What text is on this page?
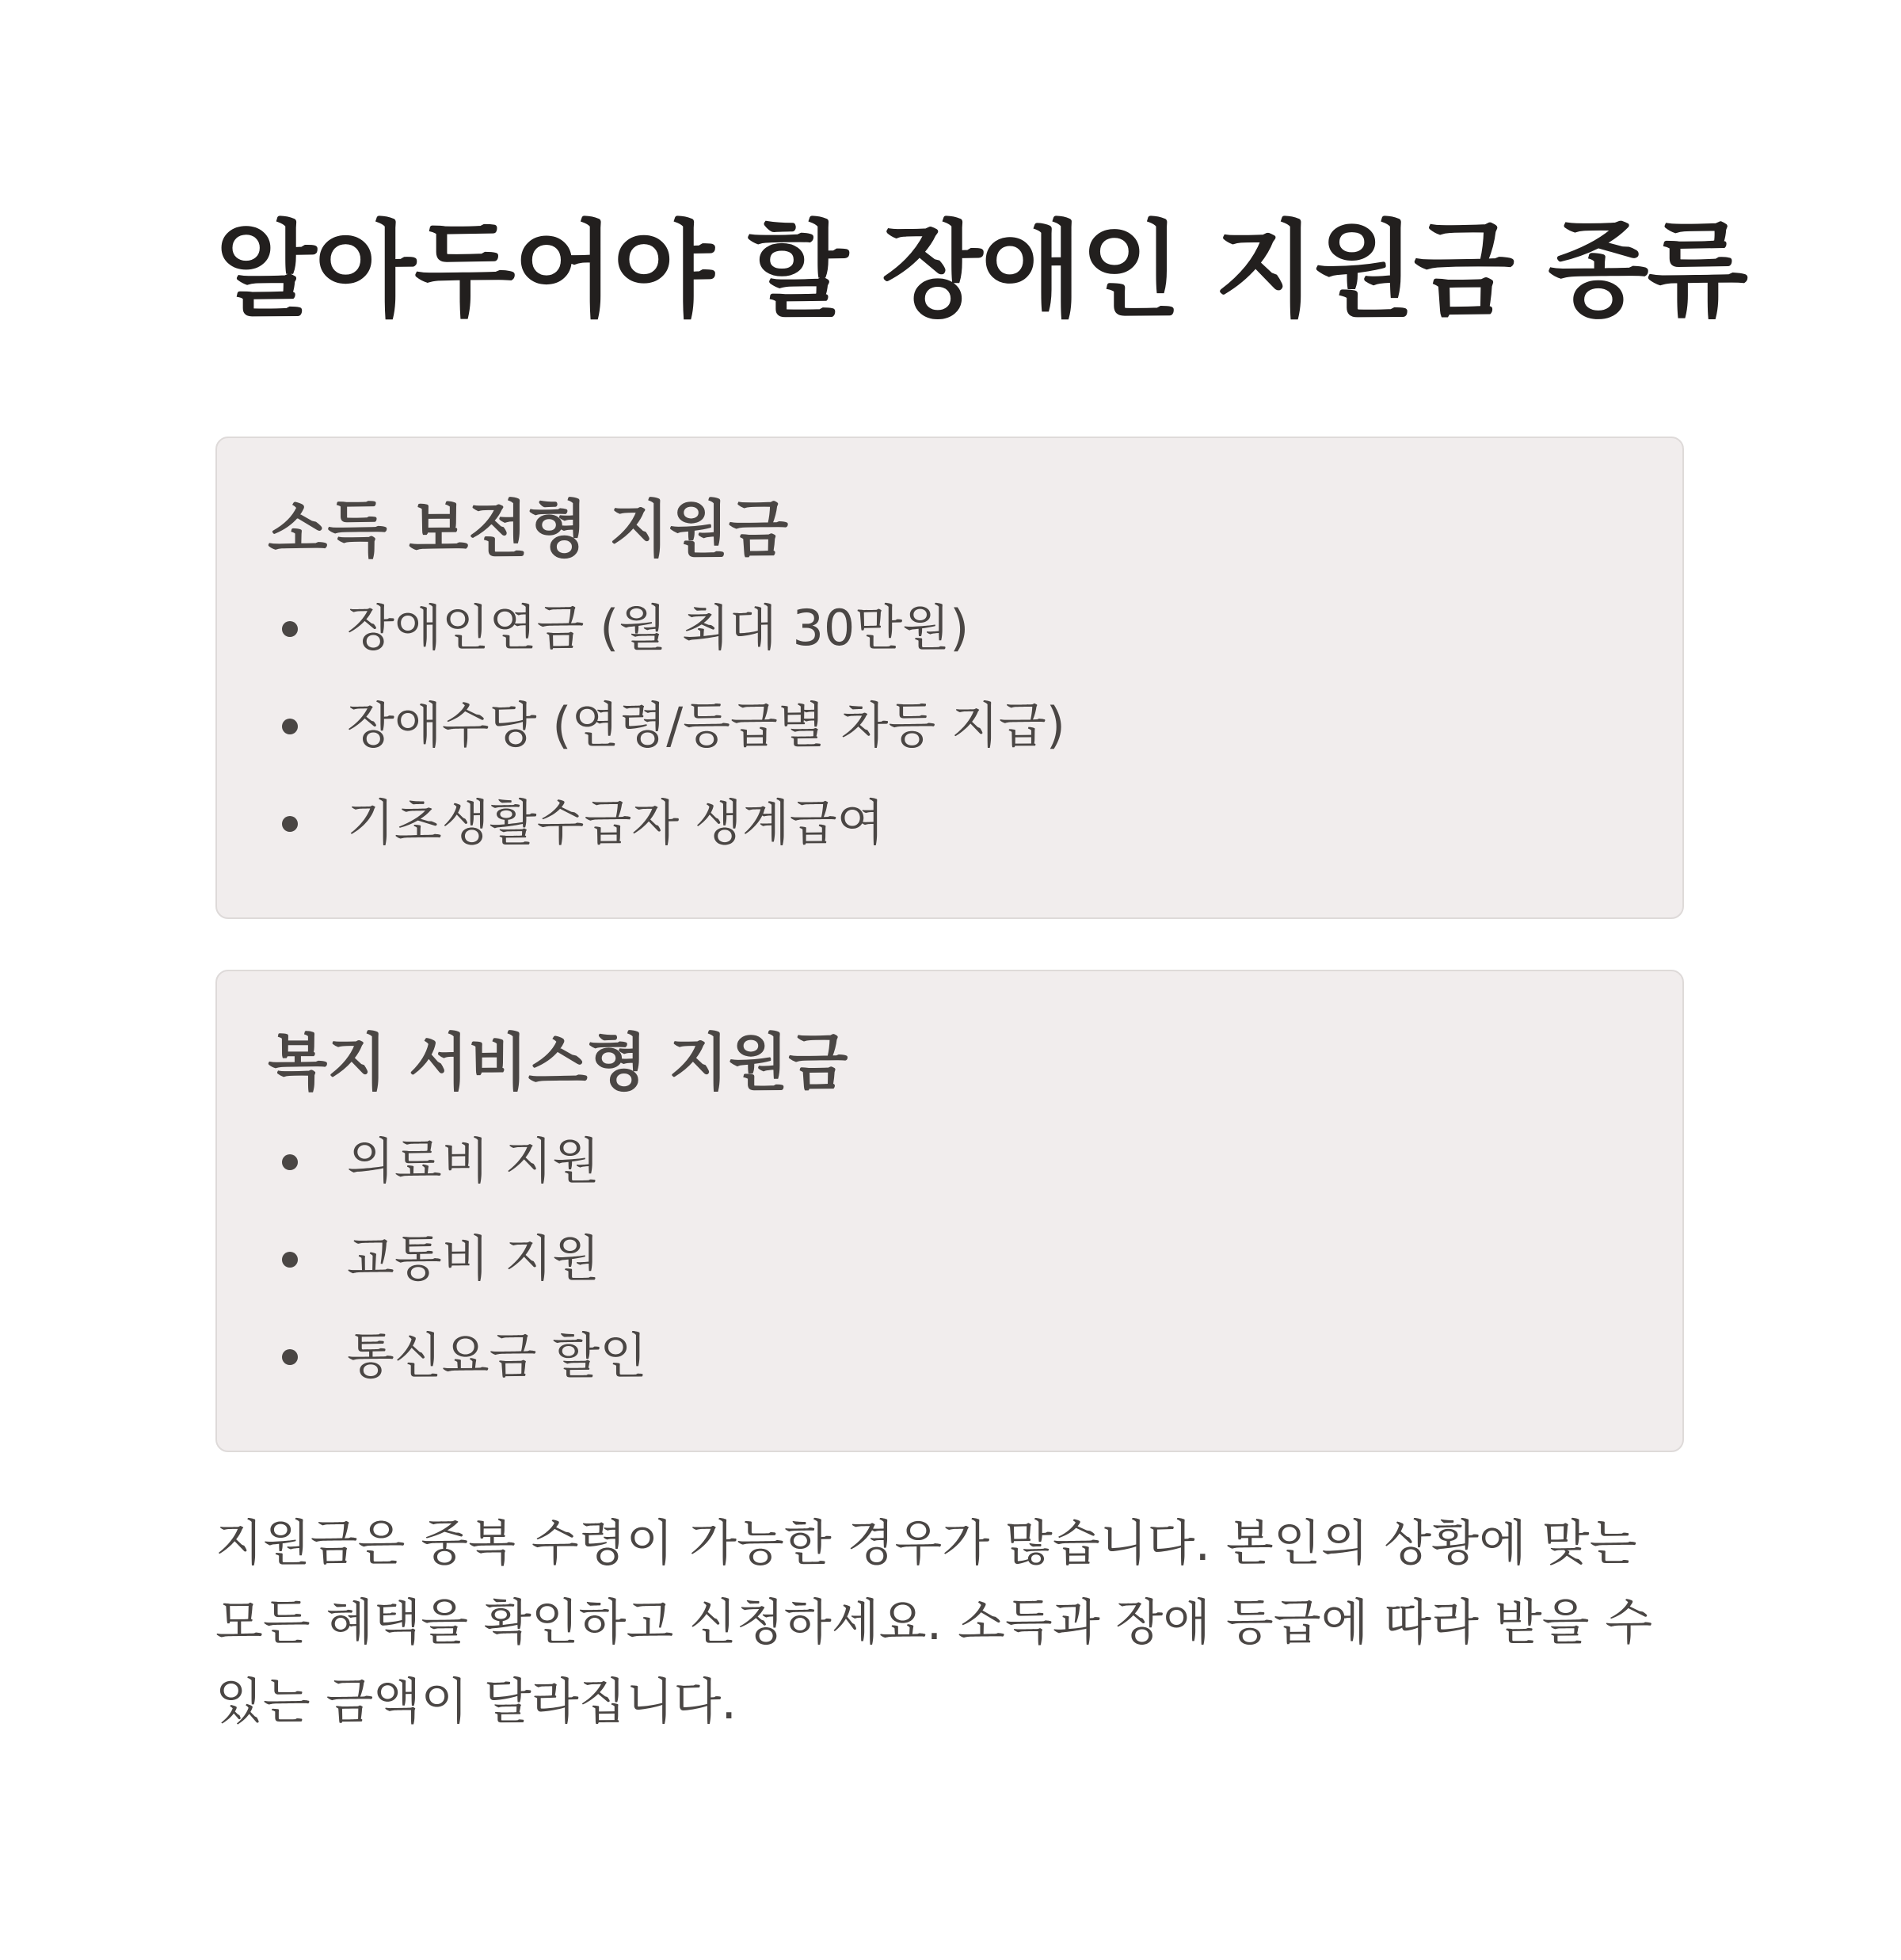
알아두어야 할 장애인 지원금 종류
소득 보전형 지원금
장애인연금 (월 최대 30만원)
장애수당 (연령/등급별 차등 지급)
기초생활수급자 생계급여
복지 서비스형 지원금
의료비 지원
교통비 지원
통신요금 할인

지원금은 중복 수령이 가능한 경우가 많습니다. 본인의 상황에 맞는 모든 혜택을 확인하고 신청하세요. 소득과 장애 등급에 따라 받을 수 있는 금액이 달라집니다.
